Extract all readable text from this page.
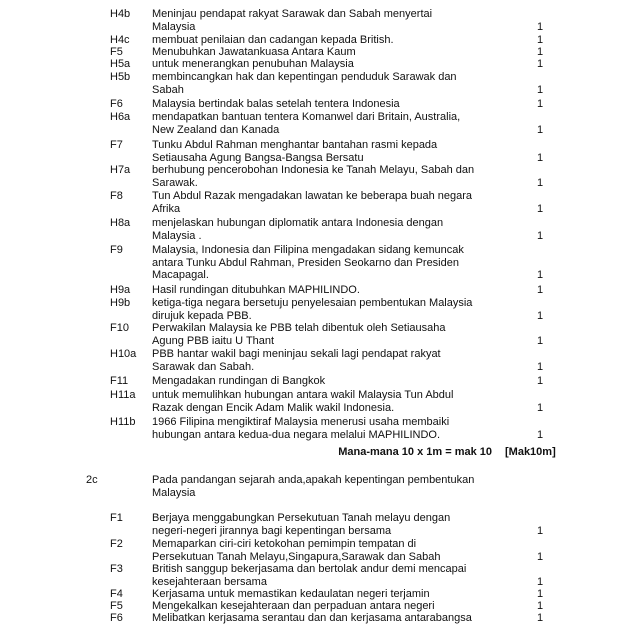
H4b	Meninjau pendapat rakyat Sarawak dan Sabah menyertai
Malaysia	1
H4c	membuat penilaian dan cadangan kepada British.	1
F5	Menubuhkan Jawatankuasa Antara Kaum	1
H5a	untuk menerangkan penubuhan Malaysia	1
H5b	membincangkan hak dan kepentingan penduduk Sarawak dan
Sabah	1
F6	Malaysia bertindak balas setelah tentera Indonesia	1
H6a	mendapatkan bantuan tentera Komanwel dari Britain, Australia,
New Zealand dan Kanada	1
F7	Tunku Abdul Rahman menghantar bantahan rasmi kepada
Setiausaha Agung Bangsa-Bangsa Bersatu	1
H7a	berhubung pencerobohan Indonesia ke Tanah Melayu, Sabah dan
Sarawak.	1
F8	Tun Abdul Razak mengadakan lawatan ke beberapa buah negara
Afrika	1
H8a	menjelaskan hubungan diplomatik antara Indonesia dengan
Malaysia .	1
F9	Malaysia, Indonesia dan Filipina mengadakan sidang kemuncak
antara Tunku Abdul Rahman, Presiden Seokarno dan Presiden
Macapagal.	1
H9a	Hasil rundingan ditubuhkan MAPHILINDO.	1
H9b	ketiga-tiga negara bersetuju penyelesaian pembentukan Malaysia
dirujuk kepada PBB.	1
F10	Perwakilan Malaysia ke PBB telah dibentuk oleh Setiausaha
Agung PBB iaitu U Thant	1
H10a	PBB hantar wakil bagi meninjau sekali lagi pendapat rakyat
Sarawak dan Sabah.	1
F11	Mengadakan rundingan di Bangkok	1
H11a	untuk memulihkan hubungan antara wakil Malaysia Tun Abdul
Razak dengan Encik Adam Malik wakil Indonesia.	1
H11b	1966 Filipina mengiktiraf Malaysia menerusi usaha membaiki
hubungan antara kedua-dua negara melalui MAPHILINDO.	1
Mana-mana 10 x 1m = mak 10 [Mak10m]
2c	Pada pandangan sejarah anda,apakah kepentingan pembentukan
Malaysia
F1	Berjaya menggabungkan Persekutuan Tanah melayu dengan
negeri-negeri jirannya bagi kepentingan bersama	1
F2	Memaparkan ciri-ciri ketokohan pemimpin tempatan di
Persekutuan Tanah Melayu,Singapura,Sarawak dan Sabah	1
F3	British sanggup bekerjasama dan bertolak andur demi mencapai
kesejahteraan bersama	1
F4	Kerjasama untuk memastikan kedaulatan negeri terjamin	1
F5	Mengekalkan kesejahteraan dan perpaduan antara negeri	1
F6	Melibatkan kerjasama serantau dan dan kerjasama antarabangsa	1
